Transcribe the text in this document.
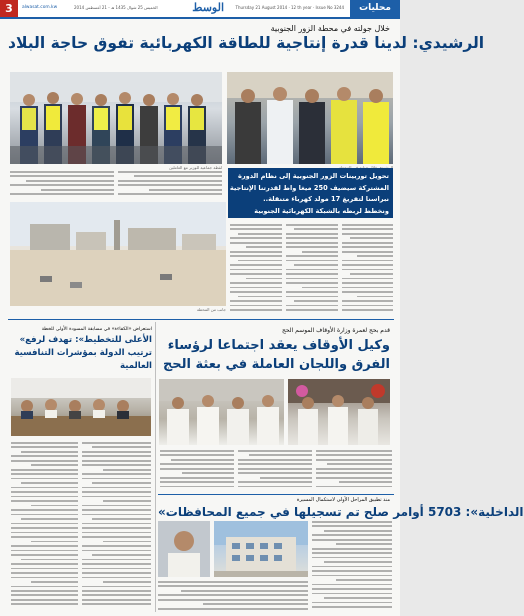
3	alwasat.com.kw	الخميس 25 شوال 1435 هـ - 21 أغسطس 2014	الوسط	Thursday 21 August 2014 · 12 th year · Issue No 3244	محليات
خلال جولته في محطة الزور الجنوبية
الرشيدي: لدينا قدرة إنتاجية للطاقة الكهربائية تفوق حاجة البلاد
لقطة جماعية للوزير مع العاملين
تحويل توربينات الزور الجنوبية إلى نظام الدورة
المشتركة سيضيف 250 ميغا واط لقدرتنا الإنتاجية
نبراسنا لتفريغ 17 مولد كهرباء متنقلة..
ونخطط لربطه بالشبكة الكهربائية الجنوبية
جانب من المحطة
قدم بحج لعمرة وزارة الأوقاف الموسم الحج
وكيل الأوقاف يعقد اجتماعا لرؤساء الفرق واللجان العاملة في بعثة الحج
استعراض «الكفاءة» في مسابقة المسودة الأولى للخطة
«الأعلى للتخطيط»: تهدف لرفع ترتيب الدولة بمؤشرات التنافسية العالمية
منذ تطبيق المراحل الأولى لاستكمال المسيرة
«الداخلية»: 5703 أوامر صلح تم تسجيلها في جميع المحافظات
